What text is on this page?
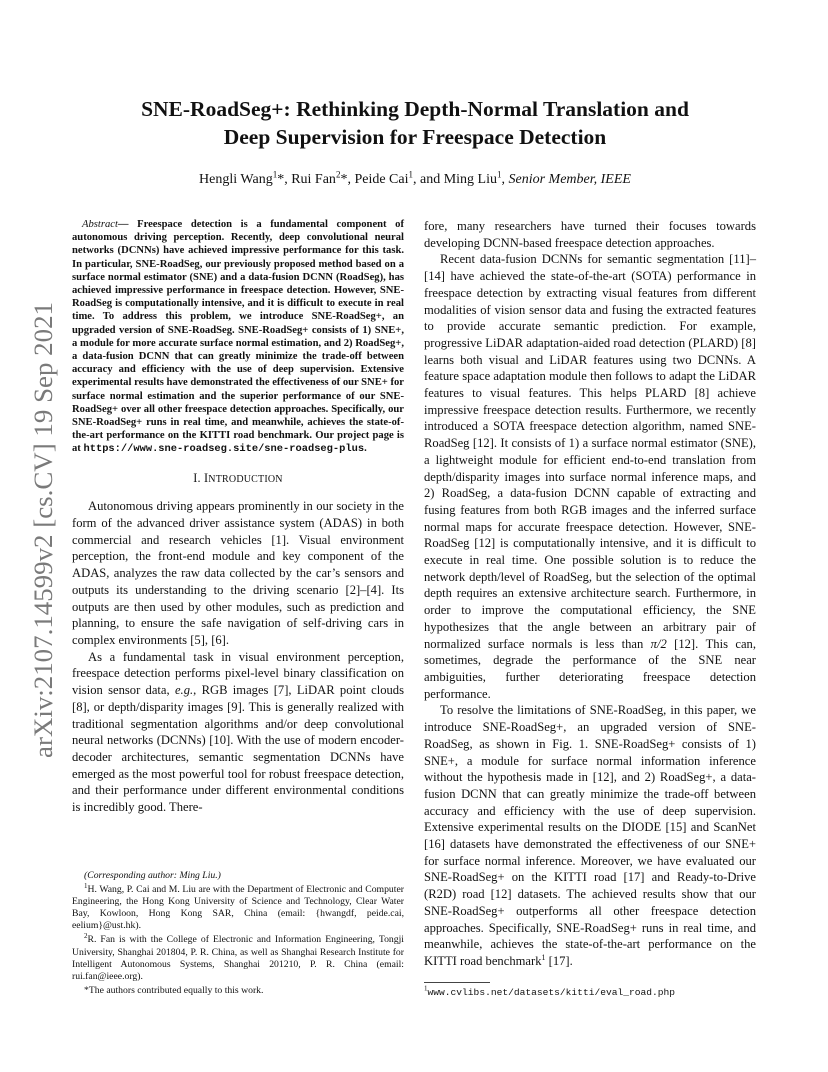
arXiv:2107.14599v2 [cs.CV] 19 Sep 2021
SNE-RoadSeg+: Rethinking Depth-Normal Translation and
Deep Supervision for Freespace Detection
Hengli Wang$^1$*, Rui Fan$^2$*, Peide Cai$^1$, and Ming Liu$^1$, Senior Member, IEEE

Abstract— Freespace detection is a fundamental component of autonomous driving perception. Recently, deep convolutional neural networks (DCNNs) have achieved impressive performance for this task. In particular, SNE-RoadSeg, our previously proposed method based on a surface normal estimator (SNE) and a data-fusion DCNN (RoadSeg), has achieved impressive performance in freespace detection. However, SNE-RoadSeg is computationally intensive, and it is difficult to execute in real time. To address this problem, we introduce SNE-RoadSeg+, an upgraded version of SNE-RoadSeg. SNE-RoadSeg+ consists of 1) SNE+, a module for more accurate surface normal estimation, and 2) RoadSeg+, a data-fusion DCNN that can greatly minimize the trade-off between accuracy and efficiency with the use of deep supervision. Extensive experimental results have demonstrated the effectiveness of our SNE+ for surface normal estimation and the superior performance of our SNE-RoadSeg+ over all other freespace detection approaches. Specifically, our SNE-RoadSeg+ runs in real time, and meanwhile, achieves the state-of-the-art performance on the KITTI road benchmark. Our project page is at https://www.sne-roadseg.site/sne-roadseg-plus.

I. INTRODUCTION

Autonomous driving appears prominently in our society in the form of the advanced driver assistance system (ADAS) in both commercial and research vehicles [1]. Visual environment perception, the front-end module and key component of the ADAS, analyzes the raw data collected by the car’s sensors and outputs its understanding to the driving scenario [2]–[4]. Its outputs are then used by other modules, such as prediction and planning, to ensure the safe navigation of self-driving cars in complex environments [5], [6].

As a fundamental task in visual environment perception, freespace detection performs pixel-level binary classification on vision sensor data, e.g., RGB images [7], LiDAR point clouds [8], or depth/disparity images [9]. This is generally realized with traditional segmentation algorithms and/or deep convolutional neural networks (DCNNs) [10]. With the use of modern encoder-decoder architectures, semantic segmentation DCNNs have emerged as the most powerful tool for robust freespace detection, and their performance under different environmental conditions is incredibly good. There-

(Corresponding author: Ming Liu.)

$^1$H. Wang, P. Cai and M. Liu are with the Department of Electronic and Computer Engineering, the Hong Kong University of Science and Technology, Clear Water Bay, Kowloon, Hong Kong SAR, China (email: {hwangdf, peide.cai, eelium}@ust.hk).

$^2$R. Fan is with the College of Electronic and Information Engineering, Tongji University, Shanghai 201804, P. R. China, as well as Shanghai Research Institute for Intelligent Autonomous Systems, Shanghai 201210, P. R. China (email: rui.fan@ieee.org).

*The authors contributed equally to this work.

fore, many researchers have turned their focuses towards developing DCNN-based freespace detection approaches.

Recent data-fusion DCNNs for semantic segmentation [11]–[14] have achieved the state-of-the-art (SOTA) performance in freespace detection by extracting visual features from different modalities of vision sensor data and fusing the extracted features to provide accurate semantic prediction. For example, progressive LiDAR adaptation-aided road detection (PLARD) [8] learns both visual and LiDAR features using two DCNNs. A feature space adaptation module then follows to adapt the LiDAR features to visual features. This helps PLARD [8] achieve impressive freespace detection results. Furthermore, we recently introduced a SOTA freespace detection algorithm, named SNE-RoadSeg [12]. It consists of 1) a surface normal estimator (SNE), a lightweight module for efficient end-to-end translation from depth/disparity images into surface normal inference maps, and 2) RoadSeg, a data-fusion DCNN capable of extracting and fusing features from both RGB images and the inferred surface normal maps for accurate freespace detection. However, SNE-RoadSeg [12] is computationally intensive, and it is difficult to execute in real time. One possible solution is to reduce the network depth/level of RoadSeg, but the selection of the optimal depth requires an extensive architecture search. Furthermore, in order to improve the computational efficiency, the SNE hypothesizes that the angle between an arbitrary pair of normalized surface normals is less than π/2 [12]. This can, sometimes, degrade the performance of the SNE near ambiguities, further deteriorating freespace detection performance.

To resolve the limitations of SNE-RoadSeg, in this paper, we introduce SNE-RoadSeg+, an upgraded version of SNE-RoadSeg, as shown in Fig. 1. SNE-RoadSeg+ consists of 1) SNE+, a module for surface normal information inference without the hypothesis made in [12], and 2) RoadSeg+, a data-fusion DCNN that can greatly minimize the trade-off between accuracy and efficiency with the use of deep supervision. Extensive experimental results on the DIODE [15] and ScanNet [16] datasets have demonstrated the effectiveness of our SNE+ for surface normal inference. Moreover, we have evaluated our SNE-RoadSeg+ on the KITTI road [17] and Ready-to-Drive (R2D) road [12] datasets. The achieved results show that our SNE-RoadSeg+ outperforms all other freespace detection approaches. Specifically, SNE-RoadSeg+ runs in real time, and meanwhile, achieves the state-of-the-art performance on the KITTI road benchmark$^1$ [17].

$^1$www.cvlibs.net/datasets/kitti/eval_road.php
